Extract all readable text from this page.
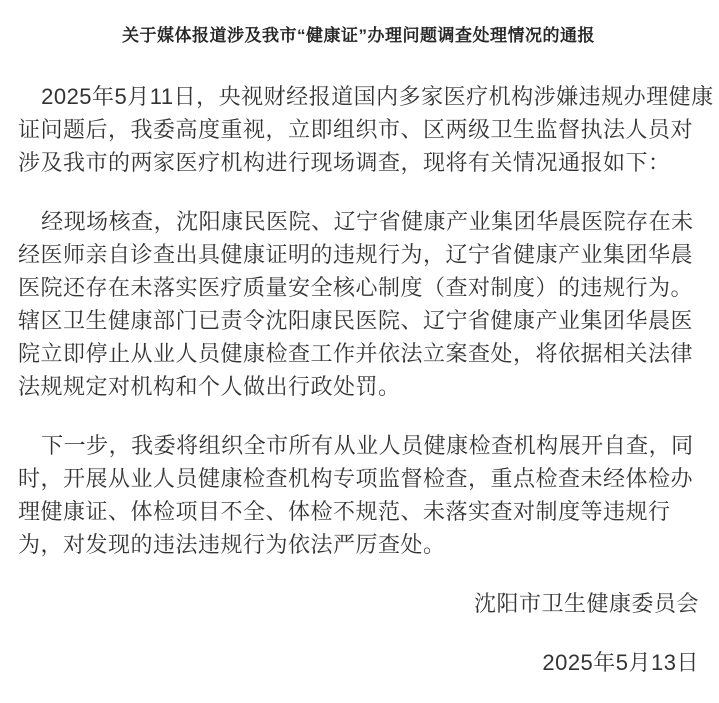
关于媒体报道涉及我市“健康证”办理问题调查处理情况的通报
2025年5月11日，央视财经报道国内多家医疗机构涉嫌违规办理健康
证问题后，我委高度重视，立即组织市、区两级卫生监督执法人员对
涉及我市的两家医疗机构进行现场调查，现将有关情况通报如下：
经现场核查，沈阳康民医院、辽宁省健康产业集团华晨医院存在未
经医师亲自诊查出具健康证明的违规行为，辽宁省健康产业集团华晨
医院还存在未落实医疗质量安全核心制度（查对制度）的违规行为。
辖区卫生健康部门已责令沈阳康民医院、辽宁省健康产业集团华晨医
院立即停止从业人员健康检查工作并依法立案查处，将依据相关法律
法规规定对机构和个人做出行政处罚。
下一步，我委将组织全市所有从业人员健康检查机构展开自查，同
时，开展从业人员健康检查机构专项监督检查，重点检查未经体检办
理健康证、体检项目不全、体检不规范、未落实查对制度等违规行
为，对发现的违法违规行为依法严厉查处。
沈阳市卫生健康委员会
2025年5月13日
